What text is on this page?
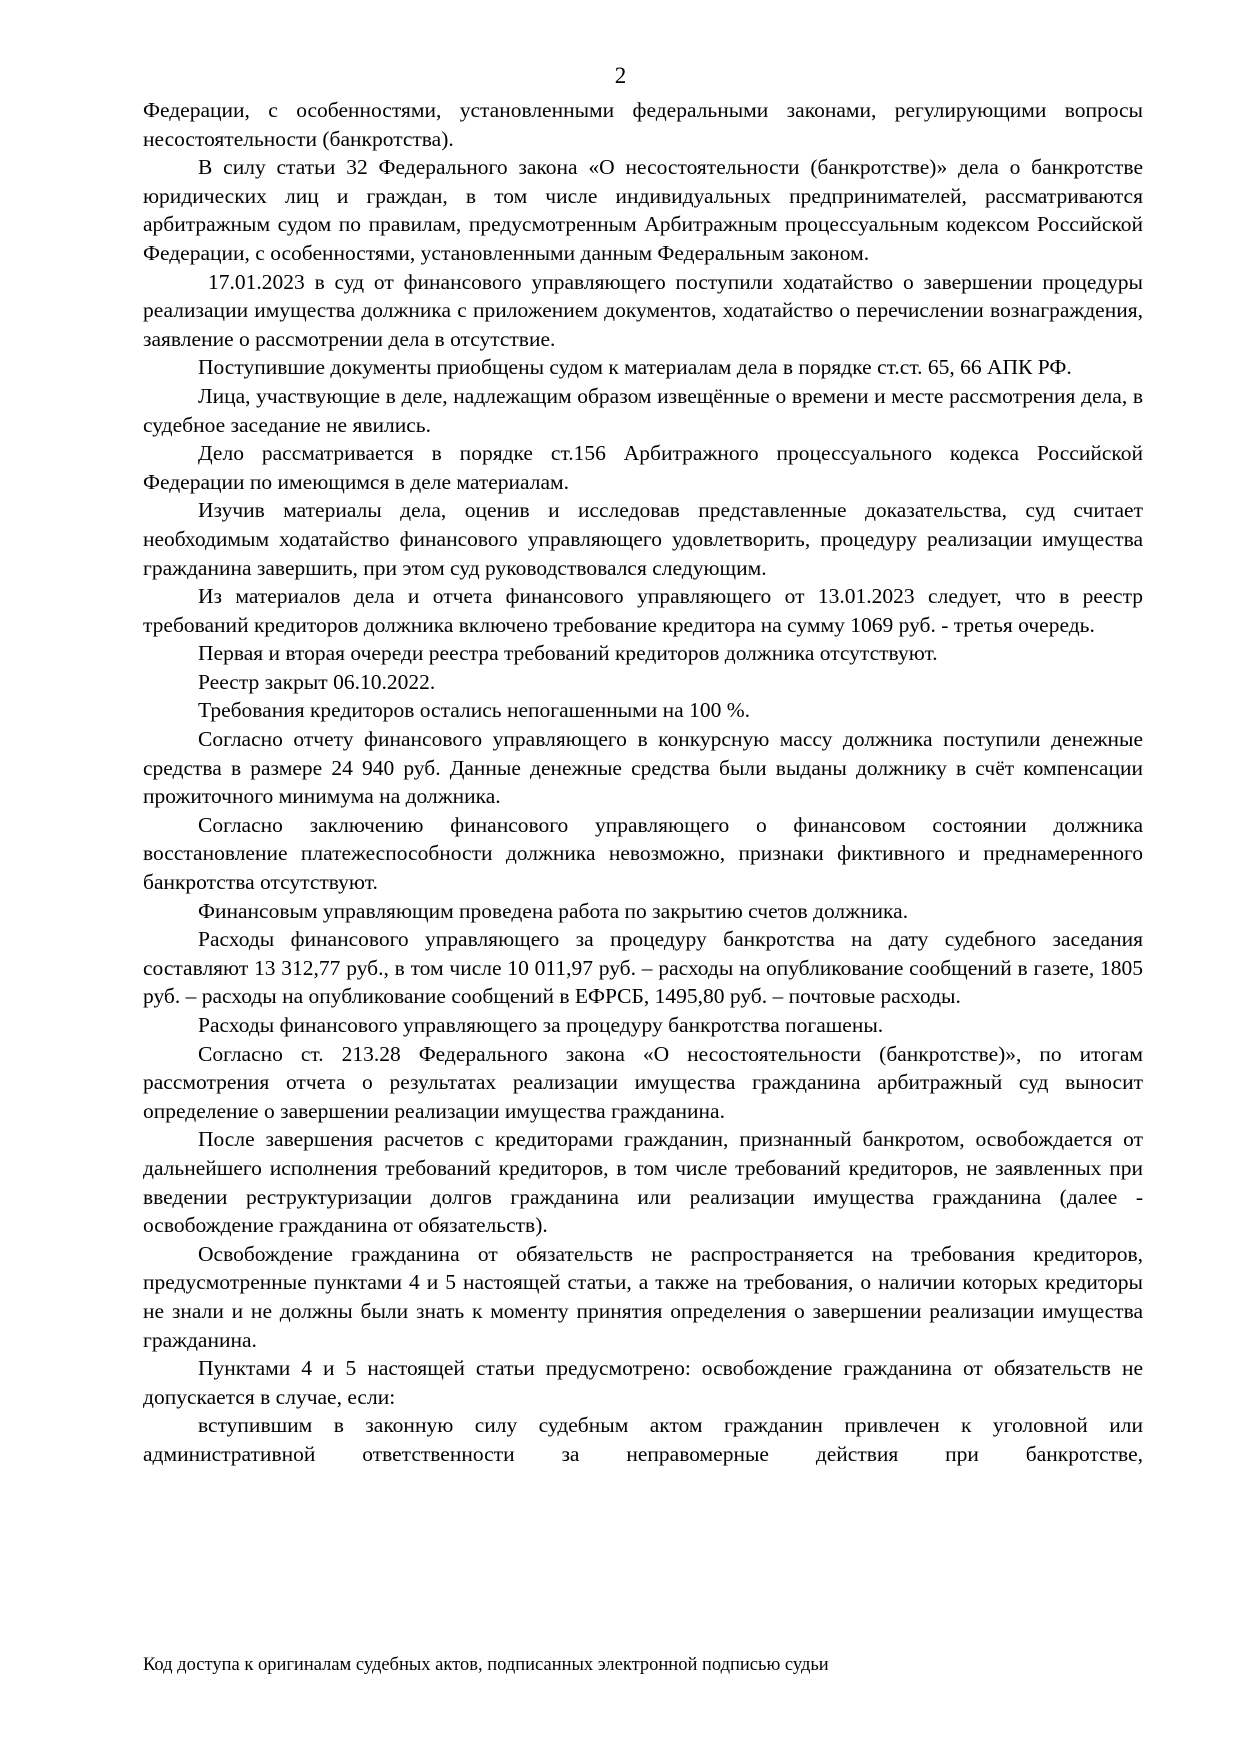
2

Федерации, с особенностями, установленными федеральными законами, регулирующими вопросы несостоятельности (банкротства).

В силу статьи 32 Федерального закона «О несостоятельности (банкротстве)» дела о банкротстве юридических лиц и граждан, в том числе индивидуальных предпринимателей, рассматриваются арбитражным судом по правилам, предусмотренным Арбитражным процессуальным кодексом Российской Федерации, с особенностями, установленными данным Федеральным законом.

17.01.2023 в суд от финансового управляющего поступили ходатайство о завершении процедуры реализации имущества должника с приложением документов, ходатайство о перечислении вознаграждения, заявление о рассмотрении дела в отсутствие.

Поступившие документы приобщены судом к материалам дела в порядке ст.ст. 65, 66 АПК РФ.

Лица, участвующие в деле, надлежащим образом извещённые о времени и месте рассмотрения дела, в судебное заседание не явились.

Дело рассматривается в порядке ст.156 Арбитражного процессуального кодекса Российской Федерации по имеющимся в деле материалам.

Изучив материалы дела, оценив и исследовав представленные доказательства, суд считает необходимым ходатайство финансового управляющего удовлетворить, процедуру реализации имущества гражданина завершить, при этом суд руководствовался следующим.

Из материалов дела и отчета финансового управляющего от 13.01.2023 следует, что в реестр требований кредиторов должника включено требование кредитора на сумму 1069 руб. - третья очередь.

Первая и вторая очереди реестра требований кредиторов должника отсутствуют.

Реестр закрыт 06.10.2022.

Требования кредиторов остались непогашенными на 100 %.

Согласно отчету финансового управляющего в конкурсную массу должника поступили денежные средства в размере 24 940 руб. Данные денежные средства были выданы должнику в счёт компенсации прожиточного минимума на должника.

Согласно заключению финансового управляющего о финансовом состоянии должника восстановление платежеспособности должника невозможно, признаки фиктивного и преднамеренного банкротства отсутствуют.

Финансовым управляющим проведена работа по закрытию счетов должника.

Расходы финансового управляющего за процедуру банкротства на дату судебного заседания составляют 13 312,77 руб., в том числе 10 011,97 руб. – расходы на опубликование сообщений в газете, 1805 руб. – расходы на опубликование сообщений в ЕФРСБ, 1495,80 руб. – почтовые расходы.

Расходы финансового управляющего за процедуру банкротства погашены.

Согласно ст. 213.28 Федерального закона «О несостоятельности (банкротстве)», по итогам рассмотрения отчета о результатах реализации имущества гражданина арбитражный суд выносит определение о завершении реализации имущества гражданина.

После завершения расчетов с кредиторами гражданин, признанный банкротом, освобождается от дальнейшего исполнения требований кредиторов, в том числе требований кредиторов, не заявленных при введении реструктуризации долгов гражданина или реализации имущества гражданина (далее - освобождение гражданина от обязательств).

Освобождение гражданина от обязательств не распространяется на требования кредиторов, предусмотренные пунктами 4 и 5 настоящей статьи, а также на требования, о наличии которых кредиторы не знали и не должны были знать к моменту принятия определения о завершении реализации имущества гражданина.

Пунктами 4 и 5 настоящей статьи предусмотрено: освобождение гражданина от обязательств не допускается в случае, если:

вступившим в законную силу судебным актом гражданин привлечен к уголовной или административной ответственности за неправомерные действия при банкротстве,

Код доступа к оригиналам судебных актов, подписанных электронной подписью судьи
